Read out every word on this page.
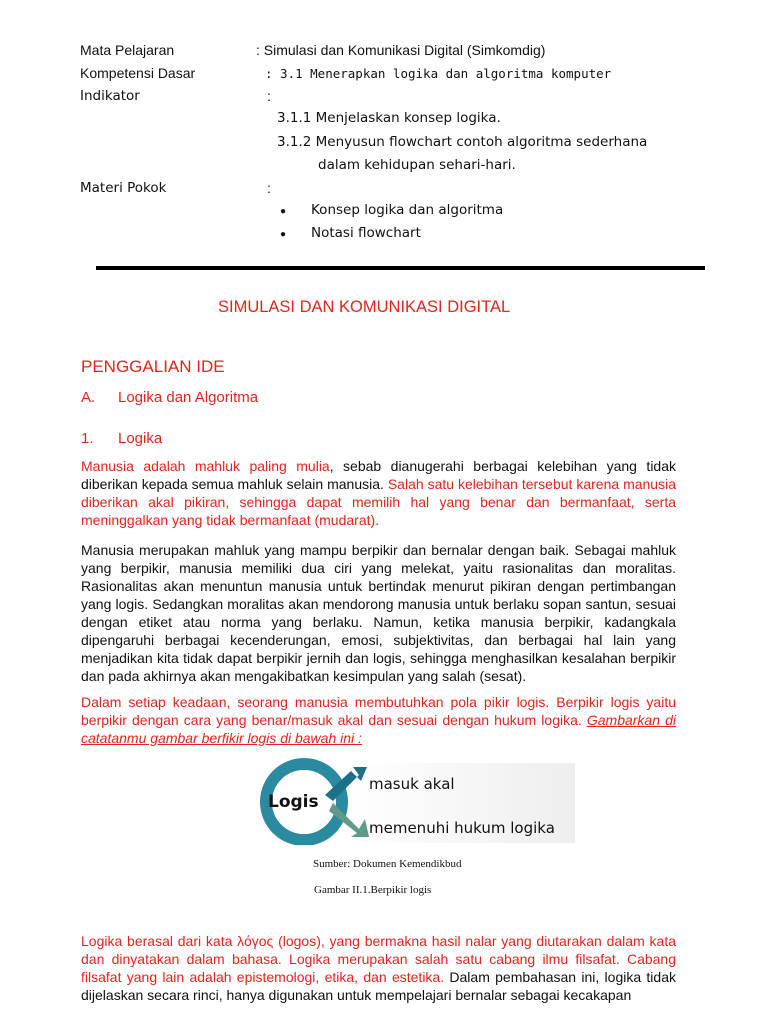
Mata Pelajaran	: Simulasi dan Komunikasi Digital (Simkomdig)
Kompetensi Dasar	: 3.1 Menerapkan logika dan algoritma komputer
Indikator	:
3.1.1 Menjelaskan konsep logika.
3.1.2 Menyusun flowchart contoh algoritma sederhana
dalam kehidupan sehari-hari.
Materi Pokok	:
● Konsep logika dan algoritma
● Notasi flowchart
SIMULASI DAN KOMUNIKASI DIGITAL
PENGGALIAN IDE
A. Logika dan Algoritma
1. Logika
Manusia adalah mahluk paling mulia, sebab dianugerahi berbagai kelebihan yang tidak diberikan kepada semua mahluk selain manusia. Salah satu kelebihan tersebut karena manusia diberikan akal pikiran, sehingga dapat memilih hal yang benar dan bermanfaat, serta meninggalkan yang tidak bermanfaat (mudarat).
Manusia merupakan mahluk yang mampu berpikir dan bernalar dengan baik. Sebagai mahluk yang berpikir, manusia memiliki dua ciri yang melekat, yaitu rasionalitas dan moralitas. Rasionalitas akan menuntun manusia untuk bertindak menurut pikiran dengan pertimbangan yang logis. Sedangkan moralitas akan mendorong manusia untuk berlaku sopan santun, sesuai dengan etiket atau norma yang berlaku. Namun, ketika manusia berpikir, kadangkala dipengaruhi berbagai kecenderungan, emosi, subjektivitas, dan berbagai hal lain yang menjadikan kita tidak dapat berpikir jernih dan logis, sehingga menghasilkan kesalahan berpikir dan pada akhirnya akan mengakibatkan kesimpulan yang salah (sesat).
Dalam setiap keadaan, seorang manusia membutuhkan pola pikir logis. Berpikir logis yaitu berpikir dengan cara yang benar/masuk akal dan sesuai dengan hukum logika. Gambarkan di catatanmu gambar berfikir logis di bawah ini :
Logis
masuk akal
memenuhi hukum logika
Sumber: Dokumen Kemendikbud
Gambar II.1.Berpikir logis
Logika berasal dari kata λόγος (logos), yang bermakna hasil nalar yang diutarakan dalam kata dan dinyatakan dalam bahasa. Logika merupakan salah satu cabang ilmu filsafat. Cabang filsafat yang lain adalah epistemologi, etika, dan estetika. Dalam pembahasan ini, logika tidak dijelaskan secara rinci, hanya digunakan untuk mempelajari bernalar sebagai kecakapan
